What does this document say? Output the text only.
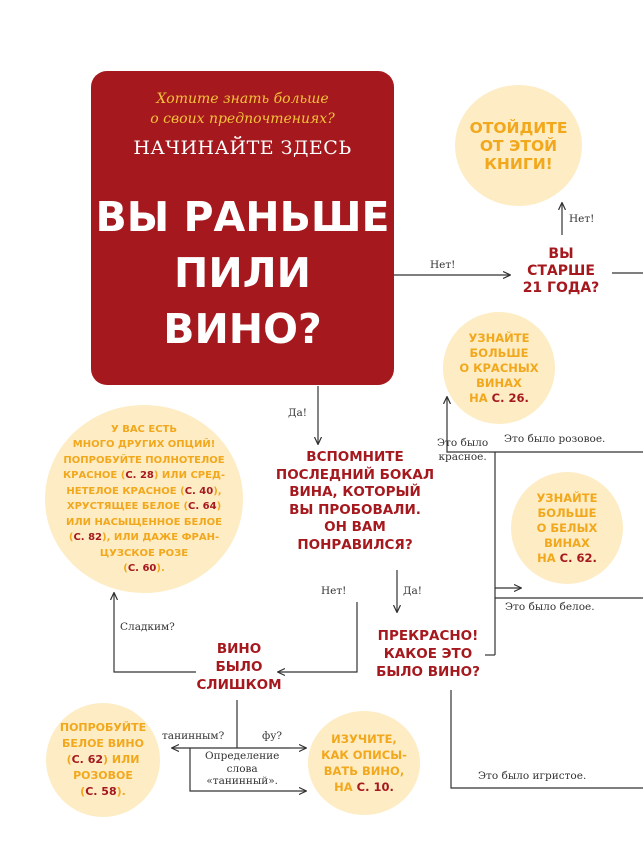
Хотите знать больше
о своих предпочтениях?
НАЧИНАЙТЕ ЗДЕСЬ
ВЫ РАНЬШЕ
ПИЛИ
ВИНО?
ОТОЙДИТЕ
ОТ ЭТОЙ
КНИГИ!
ВЫ
СТАРШЕ
21 ГОДА?
УЗНАЙТЕ
БОЛЬШЕ
О КРАСНЫХ
ВИНАХ
НА С. 26.
УЗНАЙТЕ
БОЛЬШЕ
О БЕЛЫХ
ВИНАХ
НА С. 62.
ВСПОМНИТЕ
ПОСЛЕДНИЙ БОКАЛ
ВИНА, КОТОРЫЙ
ВЫ ПРОБОВАЛИ.
ОН ВАМ
ПОНРАВИЛСЯ?
ПРЕКРАСНО!
КАКОЕ ЭТО
БЫЛО ВИНО?
ВИНО
БЫЛО
СЛИШКОМ
У ВАС ЕСТЬ
МНОГО ДРУГИХ ОПЦИЙ!
ПОПРОБУЙТЕ ПОЛНОТЕЛОЕ
КРАСНОЕ (С. 28) ИЛИ СРЕД-
НЕТЕЛОЕ КРАСНОЕ (С. 40),
ХРУСТЯЩЕЕ БЕЛОЕ (С. 64)
ИЛИ НАСЫЩЕННОЕ БЕЛОЕ
(С. 82), ИЛИ ДАЖЕ ФРАН-
ЦУЗСКОЕ РОЗЕ
(С. 60).
ПОПРОБУЙТЕ
БЕЛОЕ ВИНО
(С. 62) ИЛИ
РОЗОВОЕ
(С. 58).
ИЗУЧИТЕ,
КАК ОПИСЫ-
ВАТЬ ВИНО,
НА С. 10.
Нет!
Нет!
Да!
Нет!	Да!
Это было
красное.
Это было розовое.
Это было белое.
Это было игристое.
Сладким?
танинным?	фу?
Определение
слова
«танинный».
